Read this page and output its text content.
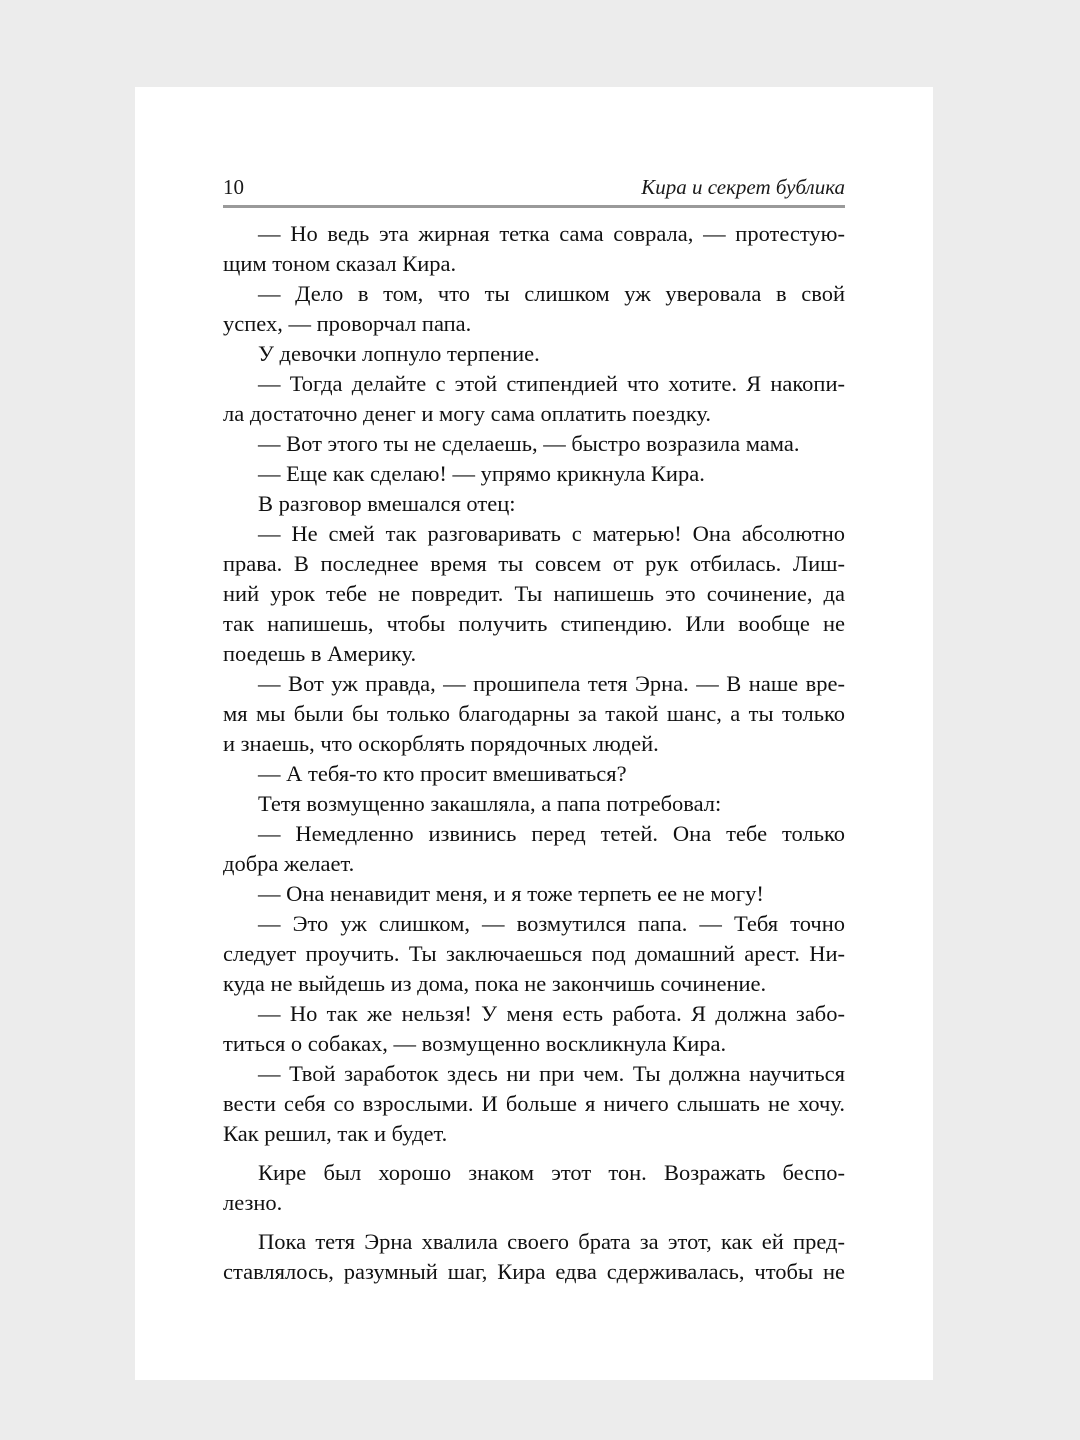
10	Кира и секрет бублика
— Но ведь эта жирная тетка сама соврала, — протестую-
щим тоном сказал Кира.
— Дело в том, что ты слишком уж уверовала в свой
успех, — проворчал папа.
У девочки лопнуло терпение.
— Тогда делайте с этой стипендией что хотите. Я накопи-
ла достаточно денег и могу сама оплатить поездку.
— Вот этого ты не сделаешь, — быстро возразила мама.
— Еще как сделаю! — упрямо крикнула Кира.
В разговор вмешался отец:
— Не смей так разговаривать с матерью! Она абсолютно
права. В последнее время ты совсем от рук отбилась. Лиш-
ний урок тебе не повредит. Ты напишешь это сочинение, да
так напишешь, чтобы получить стипендию. Или вообще не
поедешь в Америку.
— Вот уж правда, — прошипела тетя Эрна. — В наше вре-
мя мы были бы только благодарны за такой шанс, а ты только
и знаешь, что оскорблять порядочных людей.
— А тебя-то кто просит вмешиваться?
Тетя возмущенно закашляла, а папа потребовал:
— Немедленно извинись перед тетей. Она тебе только
добра желает.
— Она ненавидит меня, и я тоже терпеть ее не могу!
— Это уж слишком, — возмутился папа. — Тебя точно
следует проучить. Ты заключаешься под домашний арест. Ни-
куда не выйдешь из дома, пока не закончишь сочинение.
— Но так же нельзя! У меня есть работа. Я должна забо-
титься о собаках, — возмущенно воскликнула Кира.
— Твой заработок здесь ни при чем. Ты должна научиться
вести себя со взрослыми. И больше я ничего слышать не хочу.
Как решил, так и будет.
Кире был хорошо знаком этот тон. Возражать беспо-
лезно.
Пока тетя Эрна хвалила своего брата за этот, как ей пред-
ставлялось, разумный шаг, Кира едва сдерживалась, чтобы не
